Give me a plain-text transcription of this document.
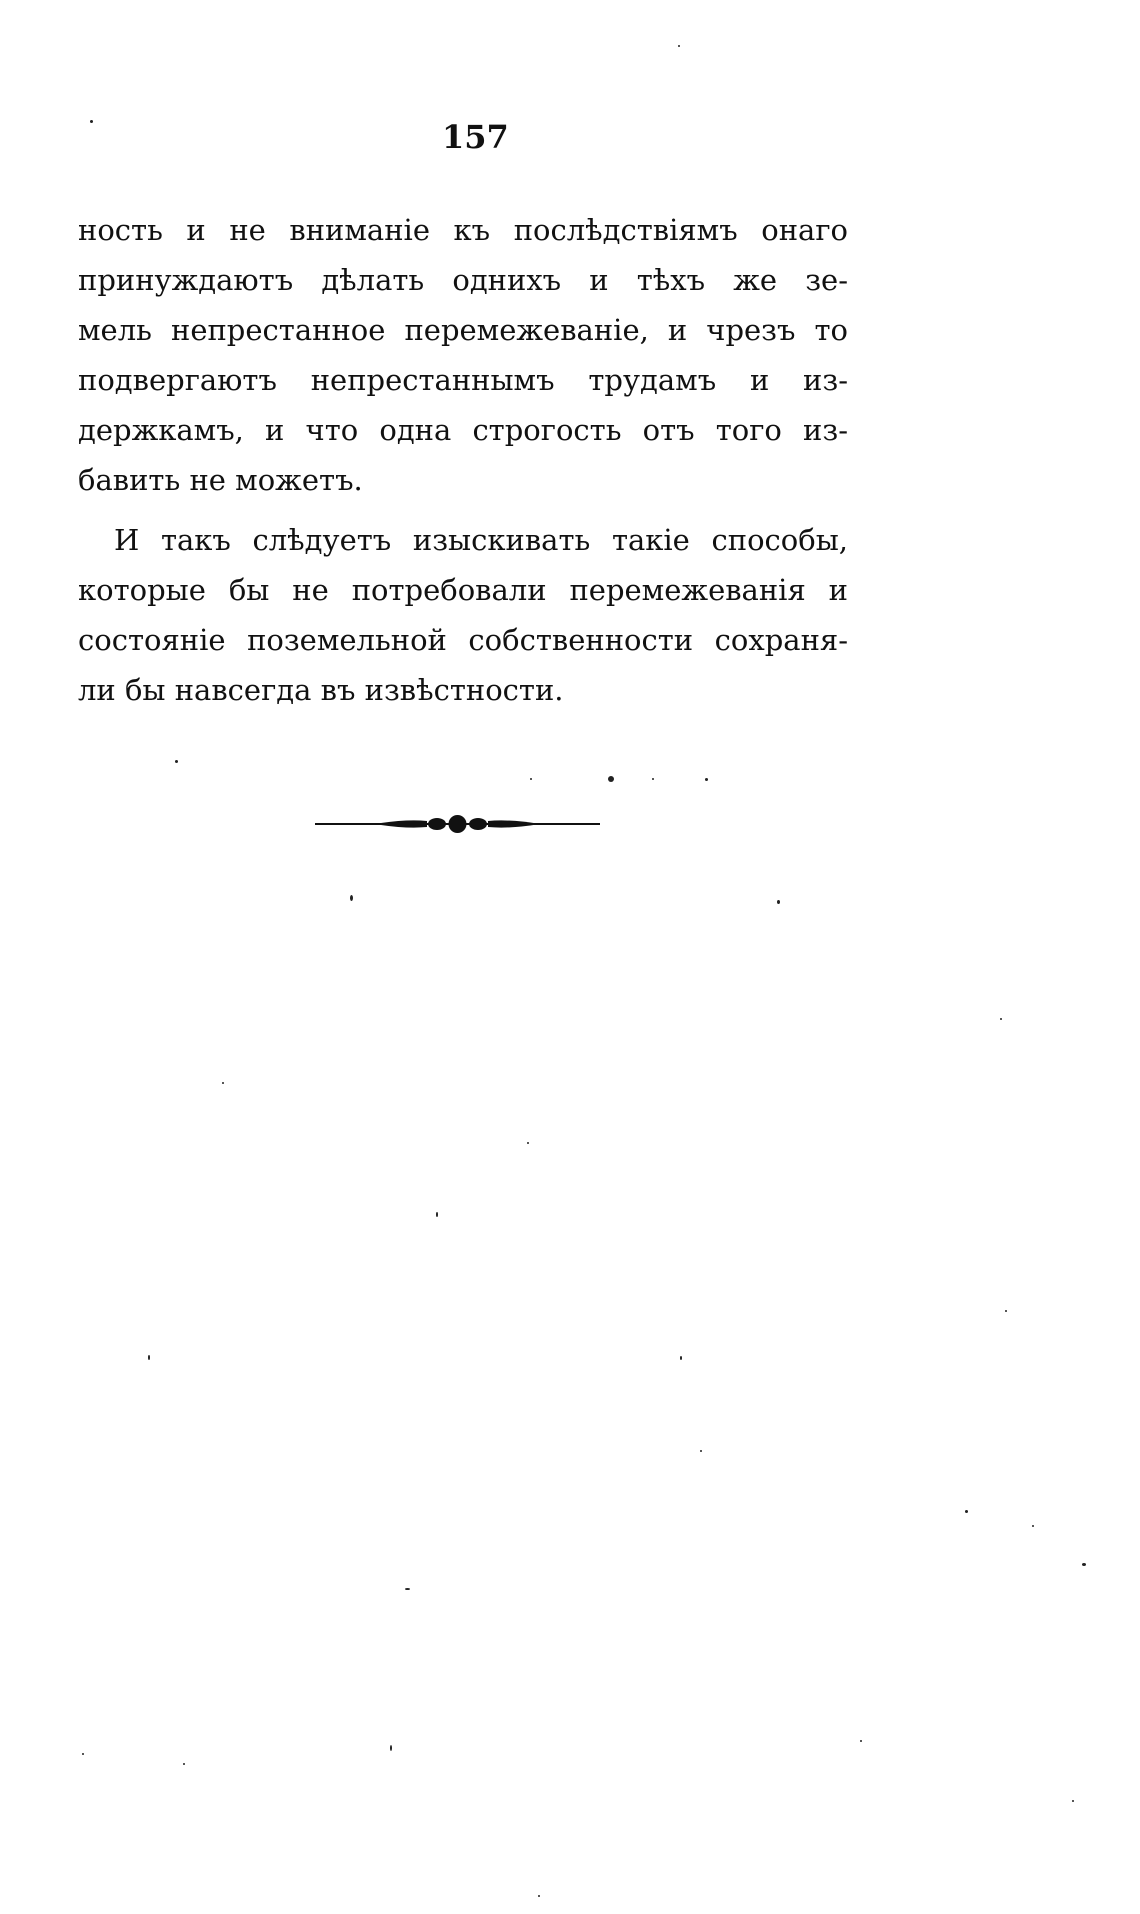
157
ность и не вниманіе къ послѣдствіямъ онаго
принуждаютъ дѣлать однихъ и тѣхъ же зе-
мель непрестанное перемежеваніе, и чрезъ то
подвергаютъ непрестаннымъ трудамъ и из-
держкамъ, и что одна строгость отъ того из-
бавить не можетъ.
И такъ слѣдуетъ изыскивать такіе способы,
которые бы не потребовали перемежеванія и
состояніе поземельной собственности сохраня-
ли бы навсегда въ извѣстности.
